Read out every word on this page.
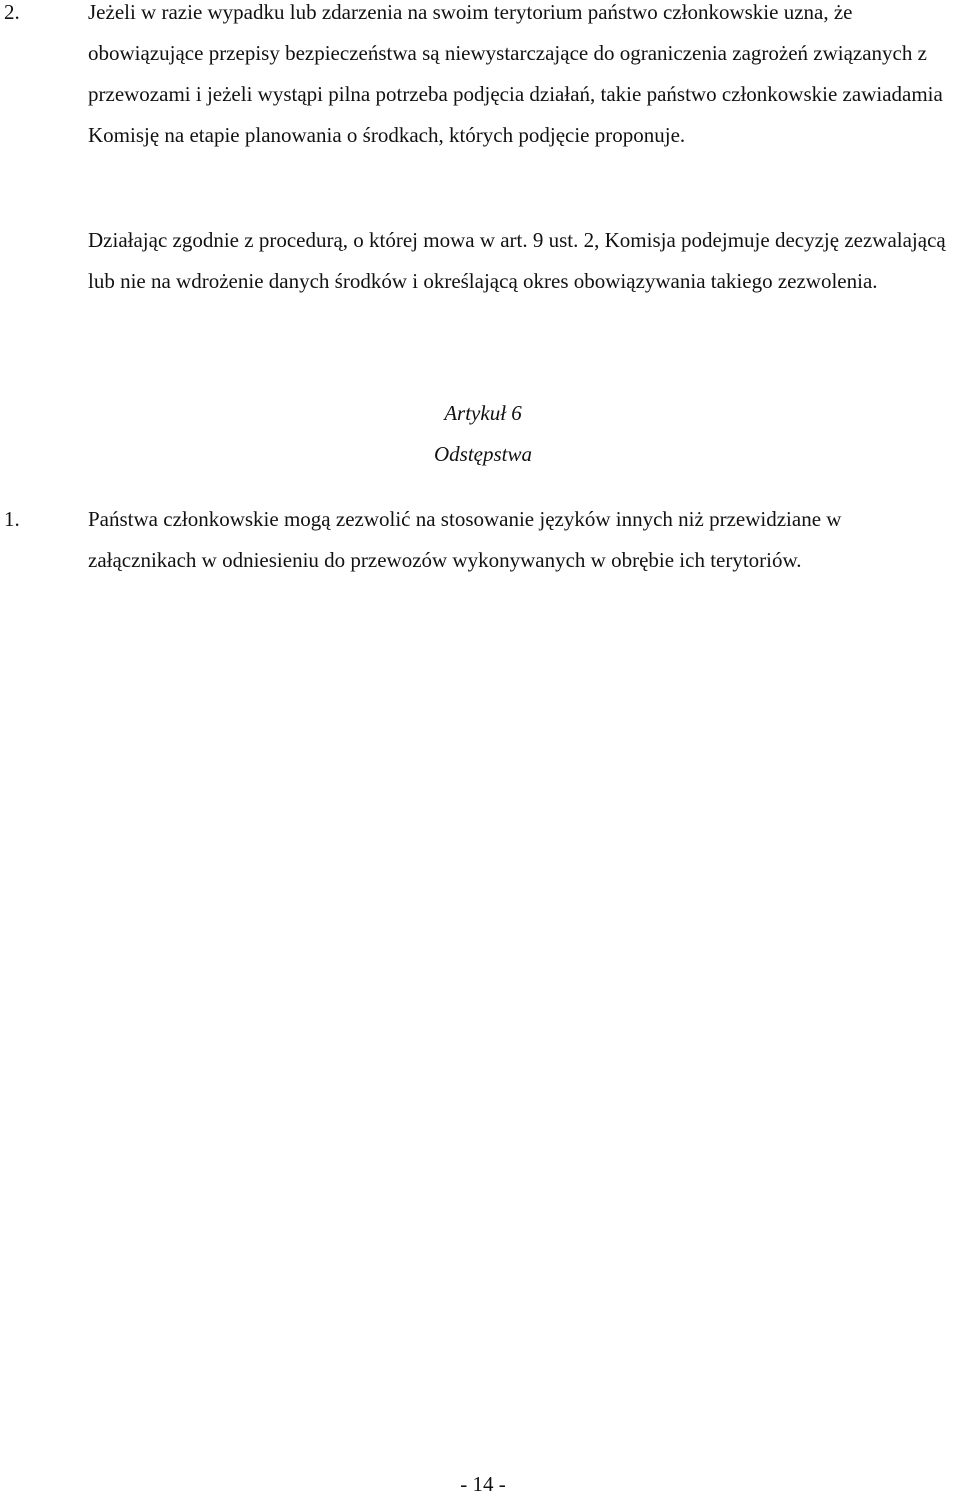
2.	Jeżeli w razie wypadku lub zdarzenia na swoim terytorium państwo członkowskie uzna, że obowiązujące przepisy bezpieczeństwa są niewystarczające do ograniczenia zagrożeń związanych z przewozami i jeżeli wystąpi pilna potrzeba podjęcia działań, takie państwo członkowskie zawiadamia Komisję na etapie planowania o środkach, których podjęcie proponuje.
Działając zgodnie z procedurą, o której mowa w art. 9 ust. 2, Komisja podejmuje decyzję zezwalającą lub nie na wdrożenie danych środków i określającą okres obowiązywania takiego zezwolenia.
Artykuł 6
Odstępstwa
1.	Państwa członkowskie mogą zezwolić na stosowanie języków innych niż przewidziane w załącznikach w odniesieniu do przewozów wykonywanych w obrębie ich terytoriów.
- 14 -
